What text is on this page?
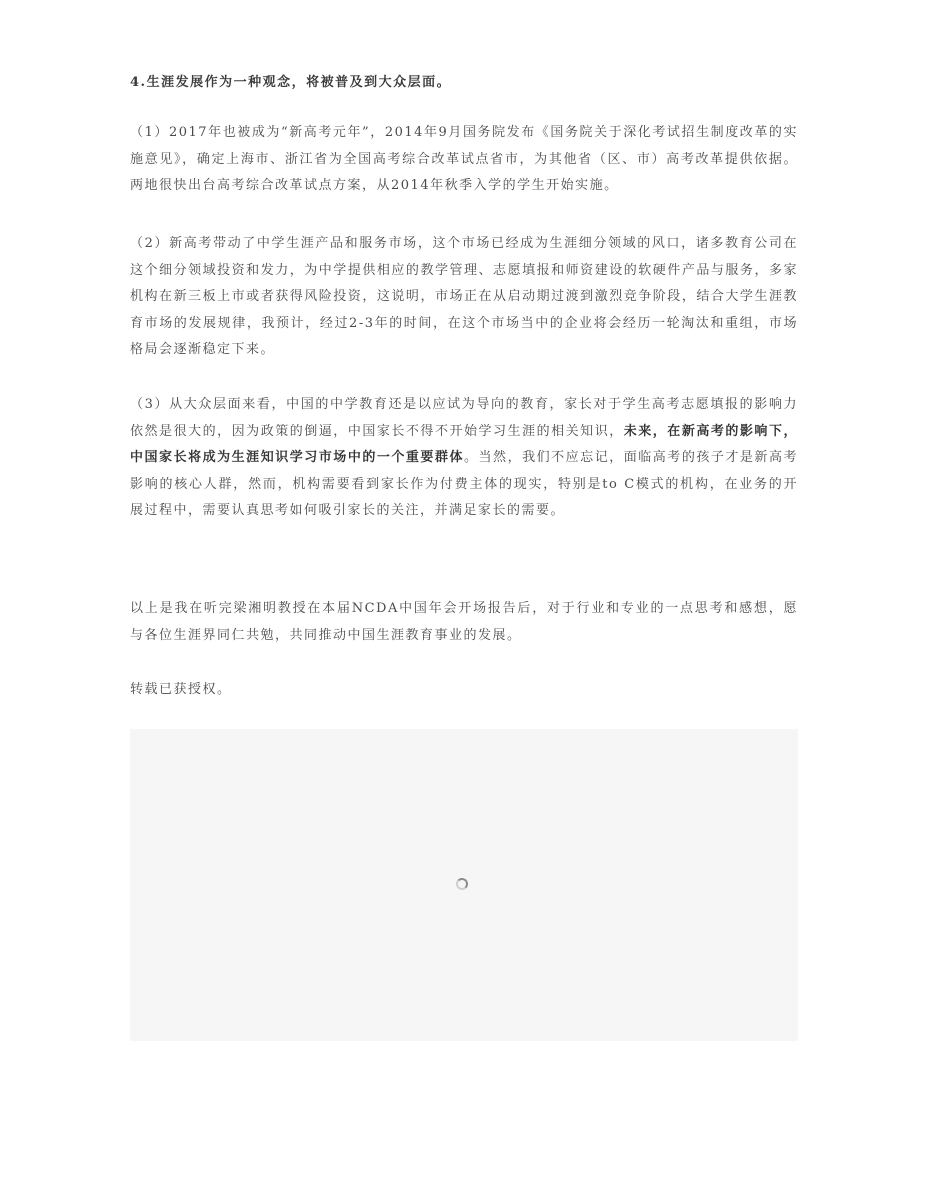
4.生涯发展作为一种观念，将被普及到大众层面。

（1）2017年也被成为“新高考元年”，2014年9月国务院发布《国务院关于深化考试招生制度改革的实施意见》，确定上海市、浙江省为全国高考综合改革试点省市，为其他省（区、市）高考改革提供依据。两地很快出台高考综合改革试点方案，从2014年秋季入学的学生开始实施。

（2）新高考带动了中学生涯产品和服务市场，这个市场已经成为生涯细分领域的风口，诸多教育公司在这个细分领域投资和发力，为中学提供相应的教学管理、志愿填报和师资建设的软硬件产品与服务，多家机构在新三板上市或者获得风险投资，这说明，市场正在从启动期过渡到激烈竞争阶段，结合大学生涯教育市场的发展规律，我预计，经过2-3年的时间，在这个市场当中的企业将会经历一轮淘汰和重组，市场格局会逐渐稳定下来。

（3）从大众层面来看，中国的中学教育还是以应试为导向的教育，家长对于学生高考志愿填报的影响力依然是很大的，因为政策的倒逼，中国家长不得不开始学习生涯的相关知识，未来，在新高考的影响下，中国家长将成为生涯知识学习市场中的一个重要群体。当然，我们不应忘记，面临高考的孩子才是新高考影响的核心人群，然而，机构需要看到家长作为付费主体的现实，特别是to C模式的机构，在业务的开展过程中，需要认真思考如何吸引家长的关注，并满足家长的需要。

以上是我在听完梁湘明教授在本届NCDA中国年会开场报告后，对于行业和专业的一点思考和感想，愿与各位生涯界同仁共勉，共同推动中国生涯教育事业的发展。

转载已获授权。
